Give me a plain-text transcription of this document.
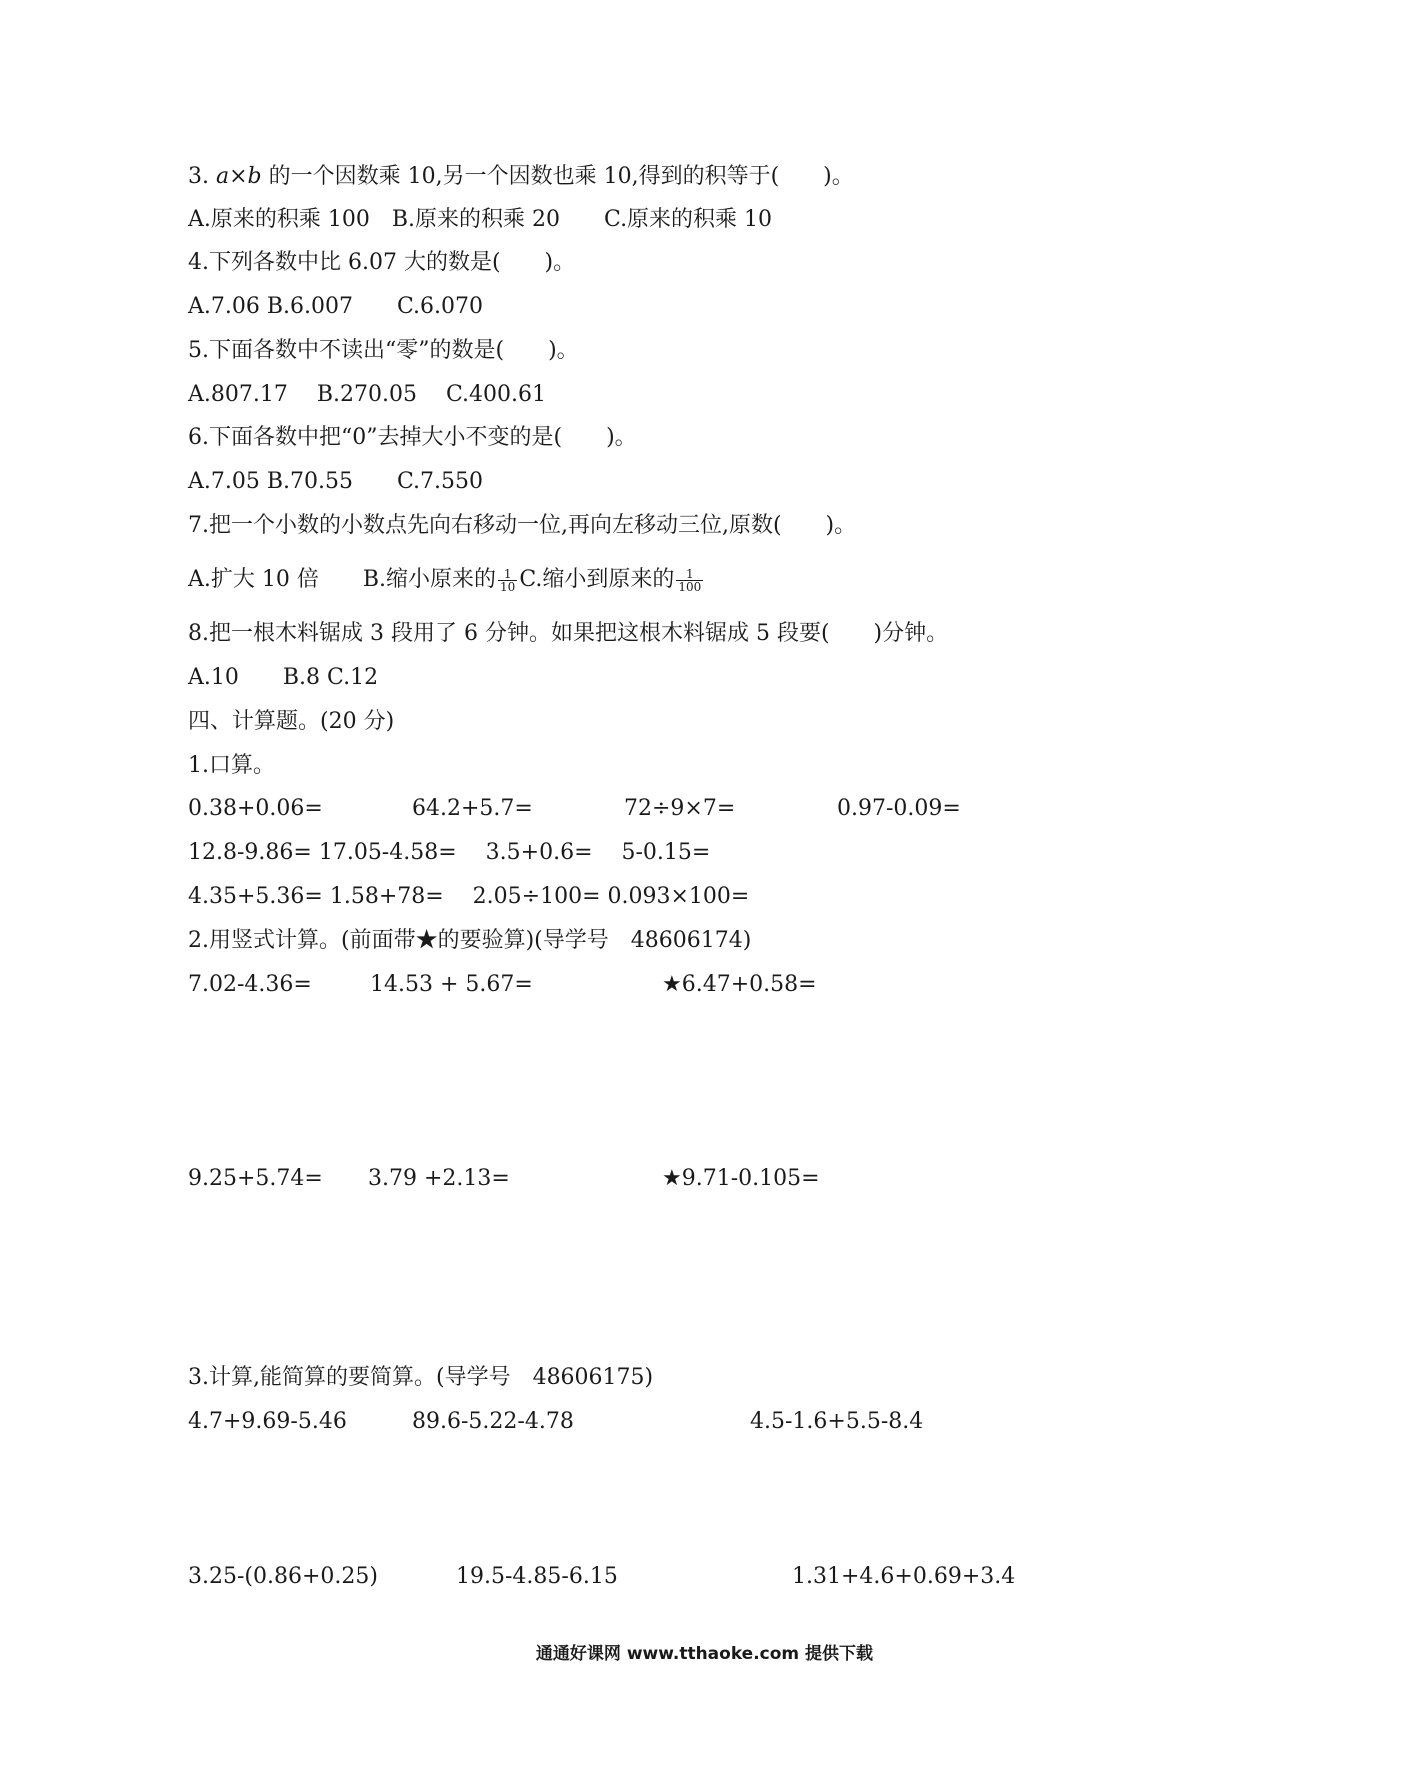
3. a×b 的一个因数乘 10,另一个因数也乘 10,得到的积等于(　　)。
A.原来的积乘 100　B.原来的积乘 20　　C.原来的积乘 10
4.下列各数中比 6.07 大的数是(　　)。
A.7.06 B.6.007　　C.6.070
5.下面各数中不读出“零”的数是(　　)。
A.807.17　 B.270.05　 C.400.61
6.下面各数中把“0”去掉大小不变的是(　　)。
A.7.05 B.70.55　　C.7.550
7.把一个小数的小数点先向右移动一位,再向左移动三位,原数(　　)。
A.扩大 10 倍　　B.缩小原来的 $\frac{1}{10} C$.缩小到原来的 $\frac{1}{100}$
8.把一根木料锯成 3 段用了 6 分钟。如果把这根木料锯成 5 段要(　　)分钟。
A.10　　B.8 C.12
四、计算题。(20 分)
1.口算。
0.38+0.06=	64.2+5.7=	72÷9×7=	0.97-0.09=
12.8-9.86= 17.05-4.58=　 3.5+0.6=　 5-0.15=
4.35+5.36= 1.58+78=　 2.05÷100= 0.093×100=
2.用竖式计算。(前面带★的要验算)(导学号　48606174)
7.02-4.36=	14.53 + 5.67=	★6.47+0.58=
9.25+5.74= 3.79 +2.13=	★9.71-0.105=
3.计算,能简算的要简算。(导学号　48606175)
4.7+9.69-5.46	89.6-5.22-4.78	4.5-1.6+5.5-8.4
3.25-(0.86+0.25)	19.5-4.85-6.15	1.31+4.6+0.69+3.4
通通好课网 www.tthaoke.com 提供下载
